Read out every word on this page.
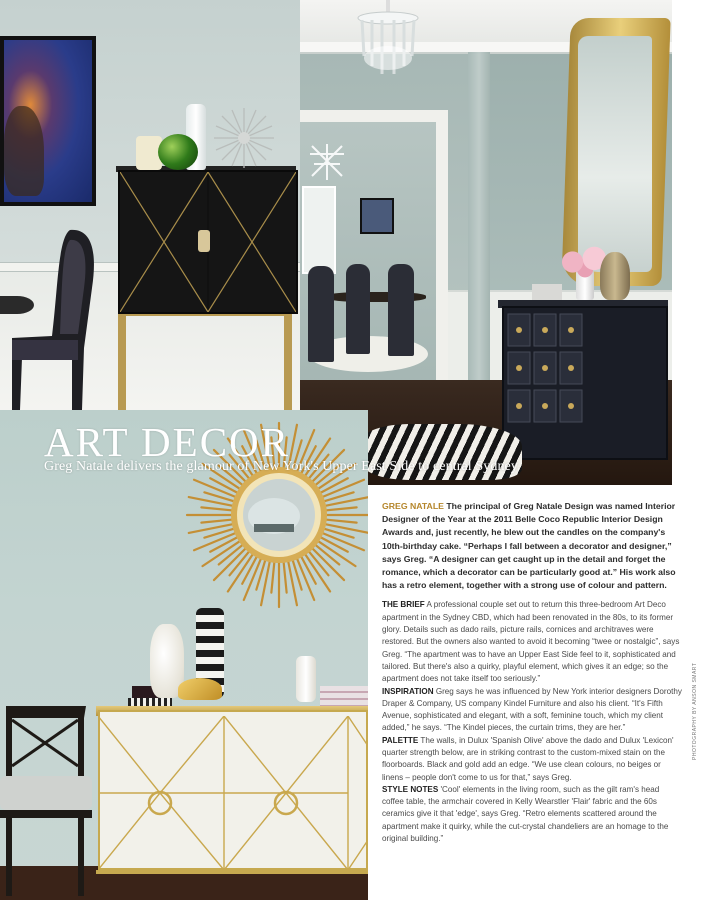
ART DECOR
Greg Natale delivers the glamour of New York's Upper East Side to central Sydney.

GREG NATALE The principal of Greg Natale Design was named Interior Designer of the Year at the 2011 Belle Coco Republic Interior Design Awards and, just recently, he blew out the candles on the company's 10th-birthday cake. “Perhaps I fall between a decorator and designer,” says Greg. “A designer can get caught up in the detail and forget the romance, which a decorator can be particularly good at.” His work also has a retro element, together with a strong use of colour and pattern.

THE BRIEF A professional couple set out to return this three-bedroom Art Deco apartment in the Sydney CBD, which had been renovated in the 80s, to its former glory. Details such as dado rails, picture rails, cornices and architraves were restored. But the owners also wanted to avoid it becoming “twee or nostalgic”, says Greg. “The apartment was to have an Upper East Side feel to it, sophisticated and tailored. But there's also a quirky, playful element, which gives it an edge; so the apartment does not take itself too seriously.”

INSPIRATION Greg says he was influenced by New York interior designers Dorothy Draper & Company, US company Kindel Furniture and also his client. “It's Fifth Avenue, sophisticated and elegant, with a soft, feminine touch, which my client added,” he says. “The Kindel pieces, the curtain trims, they are her.”

PALETTE The walls, in Dulux 'Spanish Olive' above the dado and Dulux 'Lexicon' quarter strength below, are in striking contrast to the custom-mixed stain on the floorboards. Black and gold add an edge. “We use clean colours, no beiges or linens – people don't come to us for that,” says Greg.

STYLE NOTES 'Cool' elements in the living room, such as the gilt ram's head coffee table, the armchair covered in Kelly Wearstler 'Flair' fabric and the 60s ceramics give it that 'edge', says Greg. “Retro elements scattered around the apartment make it quirky, while the cut-crystal chandeliers are an homage to the original building.”

PHOTOGRAPHY BY ANSON SMART
